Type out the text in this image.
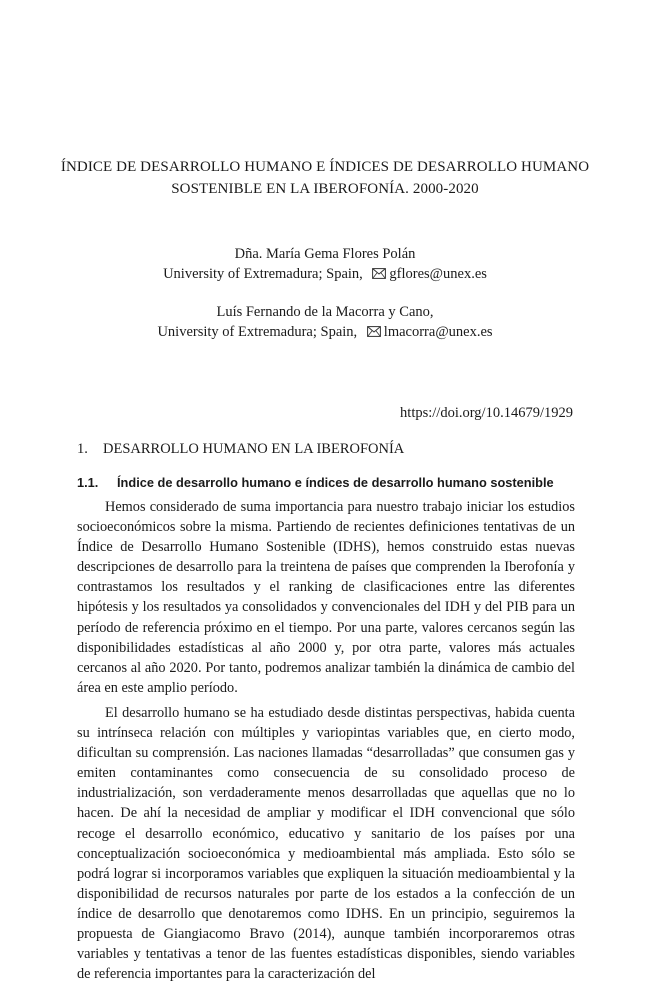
ÍNDICE DE DESARROLLO HUMANO E ÍNDICES DE DESARROLLO HUMANO
SOSTENIBLE EN LA IBEROFONÍA. 2000-2020
Dña. María Gema Flores Polán
University of Extremadura; Spain, gflores@unex.es
Luís Fernando de la Macorra y Cano,
University of Extremadura; Spain, lmacorra@unex.es
https://doi.org/10.14679/1929
1. DESARROLLO HUMANO EN LA IBEROFONÍA
1.1. Índice de desarrollo humano e índices de desarrollo humano sostenible

Hemos considerado de suma importancia para nuestro trabajo iniciar los estudios socioeconómicos sobre la misma. Partiendo de recientes definiciones tentativas de un Índice de Desarrollo Humano Sostenible (IDHS), hemos construido estas nuevas descripciones de desarrollo para la treintena de países que comprenden la Iberofonía y contrastamos los resultados y el ranking de clasificaciones entre las diferentes hipótesis y los resultados ya consolidados y convencionales del IDH y del PIB para un período de referencia próximo en el tiempo. Por una parte, valores cercanos según las disponibilidades estadísticas al año 2000 y, por otra parte, valores más actuales cercanos al año 2020. Por tanto, podremos analizar también la dinámica de cambio del área en este amplio período.

El desarrollo humano se ha estudiado desde distintas perspectivas, habida cuenta su intrínseca relación con múltiples y variopintas variables que, en cierto modo, dificultan su comprensión. Las naciones llamadas “desarrolladas” que consumen gas y emiten contaminantes como consecuencia de su consolidado proceso de industrialización, son verdaderamente menos desarrolladas que aquellas que no lo hacen. De ahí la necesidad de ampliar y modificar el IDH convencional que sólo recoge el desarrollo económico, educativo y sanitario de los países por una conceptualización socioeconómica y medioambiental más ampliada. Esto sólo se podrá lograr si incorporamos variables que expliquen la situación medioambiental y la disponibilidad de recursos naturales por parte de los estados a la confección de un índice de desarrollo que denotaremos como IDHS. En un principio, seguiremos la propuesta de Giangiacomo Bravo (2014), aunque también incorporaremos otras variables y tentativas a tenor de las fuentes estadísticas disponibles, siendo variables de referencia importantes para la caracterización del
